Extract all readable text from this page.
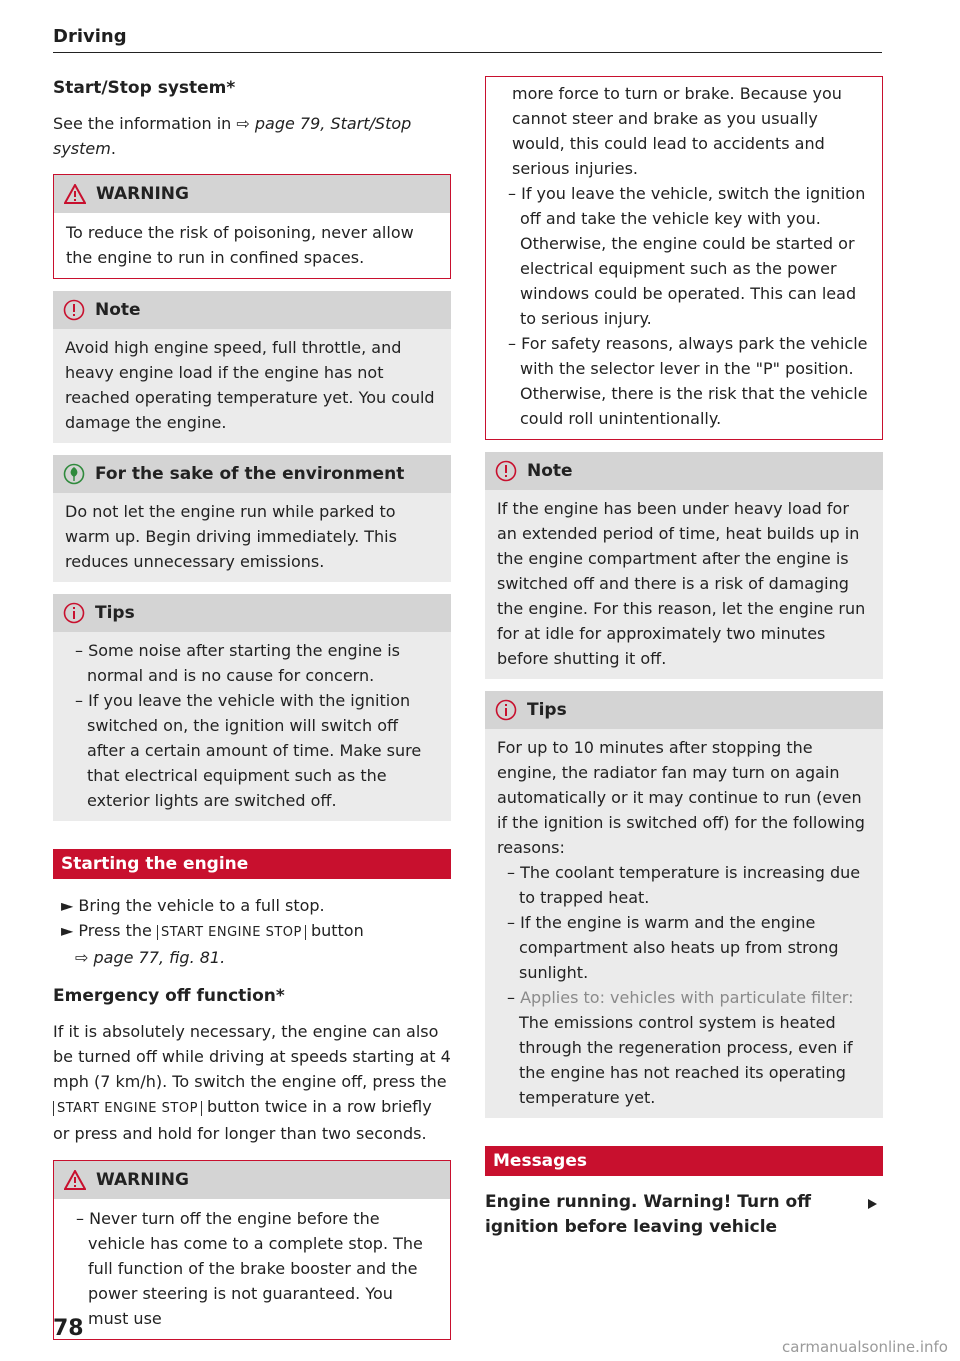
Driving

Start/Stop system*

See the information in ⇨ page 79, Start/Stop system.

WARNING

To reduce the risk of poisoning, never allow the engine to run in confined spaces.

Note

Avoid high engine speed, full throttle, and heavy engine load if the engine has not reached operating temperature yet. You could damage the engine.

For the sake of the environment

Do not let the engine run while parked to warm up. Begin driving immediately. This reduces unnecessary emissions.

Tips

– Some noise after starting the engine is normal and is no cause for concern.

– If you leave the vehicle with the ignition switched on, the ignition will switch off after a certain amount of time. Make sure that electrical equipment such as the exterior lights are switched off.

Starting the engine

► Bring the vehicle to a full stop.

► Press the START ENGINE STOP button

⇨ page 77, fig. 81.

Emergency off function*

If it is absolutely necessary, the engine can also be turned off while driving at speeds starting at 4 mph (7 km/h). To switch the engine off, press the START ENGINE STOP button twice in a row briefly or press and hold for longer than two seconds.

WARNING

– Never turn off the engine before the vehicle has come to a complete stop. The full function of the brake booster and the power steering is not guaranteed. You must use

more force to turn or brake. Because you cannot steer and brake as you usually would, this could lead to accidents and serious injuries.

– If you leave the vehicle, switch the ignition off and take the vehicle key with you. Otherwise, the engine could be started or electrical equipment such as the power windows could be operated. This can lead to serious injury.

– For safety reasons, always park the vehicle with the selector lever in the "P" position. Otherwise, there is the risk that the vehicle could roll unintentionally.

Note

If the engine has been under heavy load for an extended period of time, heat builds up in the engine compartment after the engine is switched off and there is a risk of damaging the engine. For this reason, let the engine run for at idle for approximately two minutes before shutting it off.

Tips

For up to 10 minutes after stopping the engine, the radiator fan may turn on again automatically or it may continue to run (even if the ignition is switched off) for the following reasons:

– The coolant temperature is increasing due to trapped heat.

– If the engine is warm and the engine compartment also heats up from strong sunlight.

– Applies to: vehicles with particulate filter: The emissions control system is heated through the regeneration process, even if the engine has not reached its operating temperature yet.

Messages

Engine running. Warning! Turn off ignition before leaving vehicle

78
carmanualsonline.info
